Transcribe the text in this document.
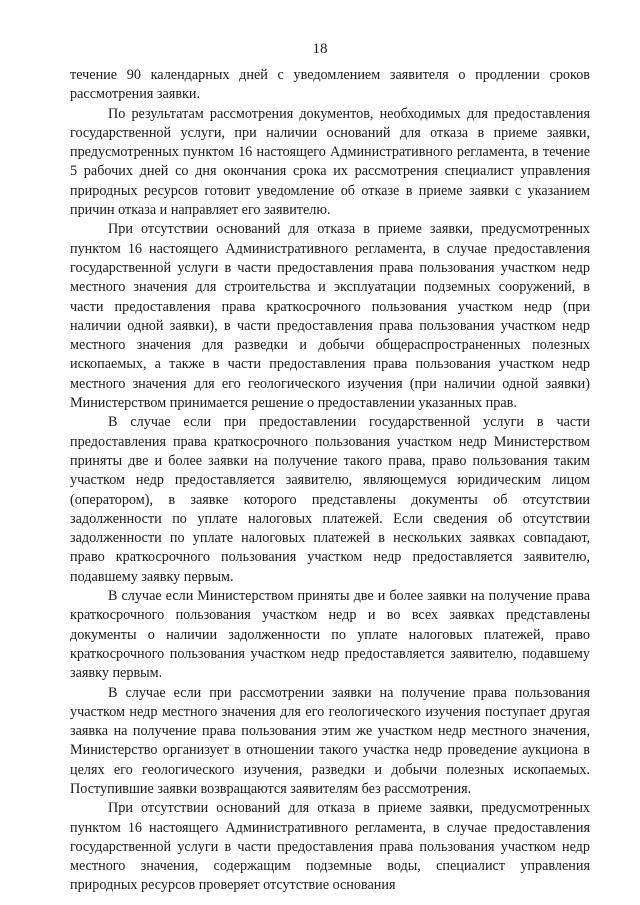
18

течение 90 календарных дней с уведомлением заявителя о продлении сроков рассмотрения заявки.

По результатам рассмотрения документов, необходимых для предоставления государственной услуги, при наличии оснований для отказа в приеме заявки, предусмотренных пунктом 16 настоящего Административного регламента, в течение 5 рабочих дней со дня окончания срока их рассмотрения специалист управления природных ресурсов готовит уведомление об отказе в приеме заявки с указанием причин отказа и направляет его заявителю.

При отсутствии оснований для отказа в приеме заявки, предусмотренных пунктом 16 настоящего Административного регламента, в случае предоставления государственной услуги в части предоставления права пользования участком недр местного значения для строительства и эксплуатации подземных сооружений, в части предоставления права краткосрочного пользования участком недр (при наличии одной заявки), в части предоставления права пользования участком недр местного значения для разведки и добычи общераспространенных полезных ископаемых, а также в части предоставления права пользования участком недр местного значения для его геологического изучения (при наличии одной заявки) Министерством принимается решение о предоставлении указанных прав.

В случае если при предоставлении государственной услуги в части предоставления права краткосрочного пользования участком недр Министерством приняты две и более заявки на получение такого права, право пользования таким участком недр предоставляется заявителю, являющемуся юридическим лицом (оператором), в заявке которого представлены документы об отсутствии задолженности по уплате налоговых платежей. Если сведения об отсутствии задолженности по уплате налоговых платежей в нескольких заявках совпадают, право краткосрочного пользования участком недр предоставляется заявителю, подавшему заявку первым.

В случае если Министерством приняты две и более заявки на получение права краткосрочного пользования участком недр и во всех заявках представлены документы о наличии задолженности по уплате налоговых платежей, право краткосрочного пользования участком недр предоставляется заявителю, подавшему заявку первым.

В случае если при рассмотрении заявки на получение права пользования участком недр местного значения для его геологического изучения поступает другая заявка на получение права пользования этим же участком недр местного значения, Министерство организует в отношении такого участка недр проведение аукциона в целях его геологического изучения, разведки и добычи полезных ископаемых. Поступившие заявки возвращаются заявителям без рассмотрения.

При отсутствии оснований для отказа в приеме заявки, предусмотренных пунктом 16 настоящего Административного регламента, в случае предоставления государственной услуги в части предоставления права пользования участком недр местного значения, содержащим подземные воды, специалист управления природных ресурсов проверяет отсутствие основания
